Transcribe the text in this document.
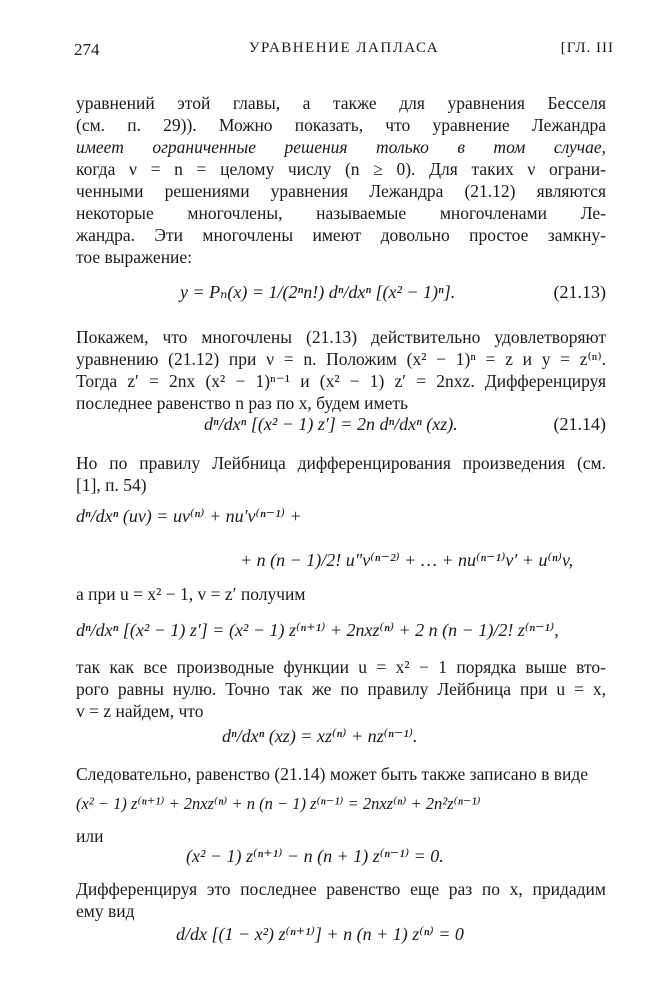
274	УРАВНЕНИЕ ЛАПЛАСА	[ГЛ. III
уравнений этой главы, а также для уравнения Бесселя
(см. п. 29)). Можно показать, что уравнение Лежандра
имеет ограниченные решения только в том случае,
когда ν = n = целому числу (n ≥ 0). Для таких ν ограни-
ченными решениями уравнения Лежандра (21.12) являются
некоторые многочлены, называемые многочленами Ле-
жандра. Эти многочлены имеют довольно простое замкну-
тое выражение:
y = Pₙ(x) = 1/(2ⁿn!) dⁿ/dxⁿ [(x² − 1)ⁿ].	(21.13)
Покажем, что многочлены (21.13) действительно удовлетворяют
уравнению (21.12) при ν = n. Положим (x² − 1)ⁿ = z и y = z⁽ⁿ⁾.
Тогда z′ = 2nx (x² − 1)ⁿ⁻¹ и (x² − 1) z′ = 2nxz. Дифференцируя
последнее равенство n раз по x, будем иметь
dⁿ/dxⁿ [(x² − 1) z′] = 2n dⁿ/dxⁿ (xz).	(21.14)
Но по правилу Лейбница дифференцирования произведения (см.
[1], п. 54)
dⁿ/dxⁿ (uv) = uv⁽ⁿ⁾ + nu′v⁽ⁿ⁻¹⁾ +
+ n (n − 1)/2! u″v⁽ⁿ⁻²⁾ + … + nu⁽ⁿ⁻¹⁾v′ + u⁽ⁿ⁾v,
а при u = x² − 1, v = z′ получим
dⁿ/dxⁿ [(x² − 1) z′] = (x² − 1) z⁽ⁿ⁺¹⁾ + 2nxz⁽ⁿ⁾ + 2 n (n − 1)/2! z⁽ⁿ⁻¹⁾,
так как все производные функции u = x² − 1 порядка выше вто-
рого равны нулю. Точно так же по правилу Лейбница при u = x,
v = z найдем, что
dⁿ/dxⁿ (xz) = xz⁽ⁿ⁾ + nz⁽ⁿ⁻¹⁾.
Следовательно, равенство (21.14) может быть также записано в виде
(x² − 1) z⁽ⁿ⁺¹⁾ + 2nxz⁽ⁿ⁾ + n (n − 1) z⁽ⁿ⁻¹⁾ = 2nxz⁽ⁿ⁾ + 2n²z⁽ⁿ⁻¹⁾
или
(x² − 1) z⁽ⁿ⁺¹⁾ − n (n + 1) z⁽ⁿ⁻¹⁾ = 0.
Дифференцируя это последнее равенство еще раз по x, придадим
ему вид
d/dx [(1 − x²) z⁽ⁿ⁺¹⁾] + n (n + 1) z⁽ⁿ⁾ = 0
